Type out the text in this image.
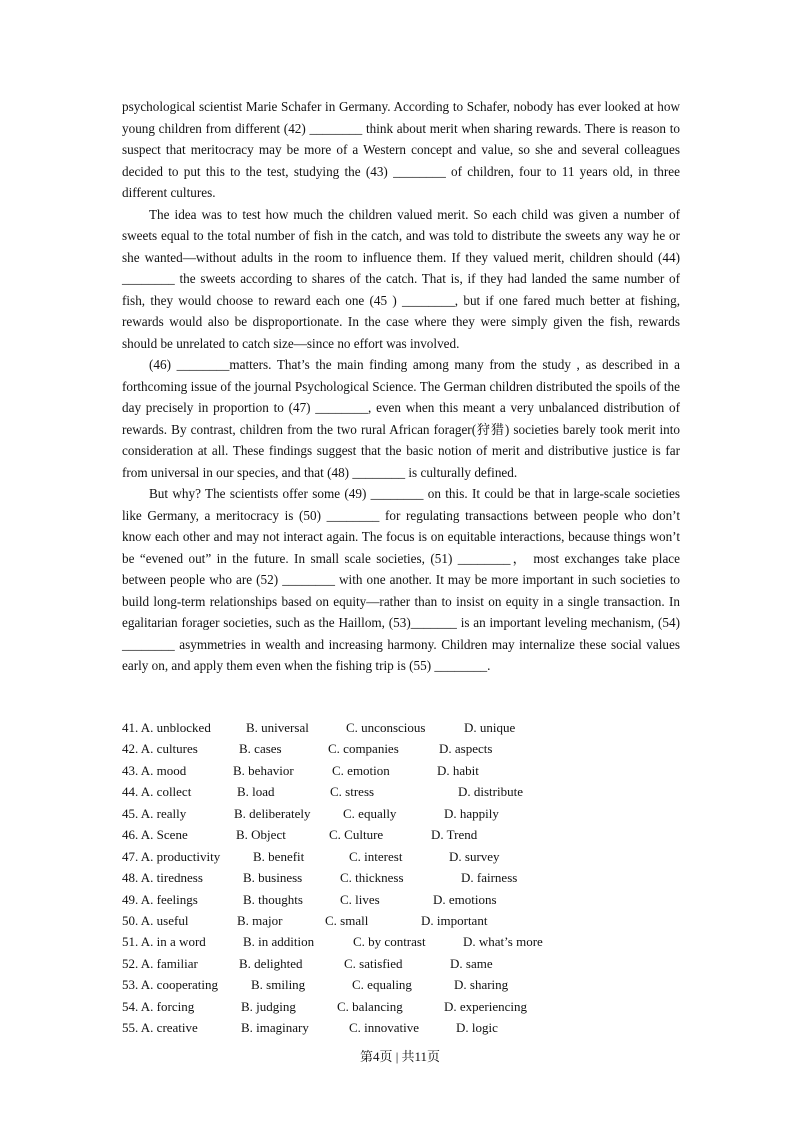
psychological scientist Marie Schafer in Germany. According to Schafer, nobody has ever looked at how young children from different (42) ________ think about merit when sharing rewards. There is reason to suspect that meritocracy may be more of a Western concept and value, so she and several colleagues decided to put this to the test, studying the (43) ________ of children, four to 11 years old, in three different cultures.

The idea was to test how much the children valued merit. So each child was given a number of sweets equal to the total number of fish in the catch, and was told to distribute the sweets any way he or she wanted—without adults in the room to influence them. If they valued merit, children should (44) ________ the sweets according to shares of the catch. That is, if they had landed the same number of fish, they would choose to reward each one (45 ) ________, but if one fared much better at fishing, rewards would also be disproportionate. In the case where they were simply given the fish, rewards should be unrelated to catch size—since no effort was involved.

(46) ________matters. That’s the main finding among many from the study , as described in a forthcoming issue of the journal Psychological Science. The German children distributed the spoils of the day precisely in proportion to (47) ________, even when this meant a very unbalanced distribution of rewards. By contrast, children from the two rural African forager(狩猎) societies barely took merit into consideration at all. These findings suggest that the basic notion of merit and distributive justice is far from universal in our species, and that (48) ________ is culturally defined.

But why? The scientists offer some (49) ________ on this. It could be that in large-scale societies like Germany, a meritocracy is (50) ________ for regulating transactions between people who don’t know each other and may not interact again. The focus is on equitable interactions, because things won’t be “evened out” in the future. In small scale societies, (51) ________， most exchanges take place between people who are (52) ________ with one another. It may be more important in such societies to build long-term relationships based on equity—rather than to insist on equity in a single transaction. In egalitarian forager societies, such as the Haillom, (53)_______ is an important leveling mechanism, (54) ________ asymmetries in wealth and increasing harmony. Children may internalize these social values early on, and apply them even when the fishing trip is (55) ________.

41. A. unblocked	B. universal	C. unconscious	D. unique
42. A. cultures	B. cases	C. companies	D. aspects
43. A. mood	B. behavior	C. emotion	D. habit
44. A. collect	B. load	C. stress	D. distribute
45. A. really	B. deliberately	C. equally	D. happily
46. A. Scene	B. Object	C. Culture	D. Trend
47. A. productivity	B. benefit	C. interest	D. survey
48. A. tiredness	B. business	C. thickness	D. fairness
49. A. feelings	B. thoughts	C. lives	D. emotions
50. A. useful	B. major	C. small	D. important
51. A. in a word	B. in addition	C. by contrast	D. what’s more
52. A. familiar	B. delighted	C. satisfied	D. same
53. A. cooperating	B. smiling	C. equaling	D. sharing
54. A. forcing	B. judging	C. balancing	D. experiencing
55. A. creative	B. imaginary	C. innovative	D. logic
第4页 | 共11页
